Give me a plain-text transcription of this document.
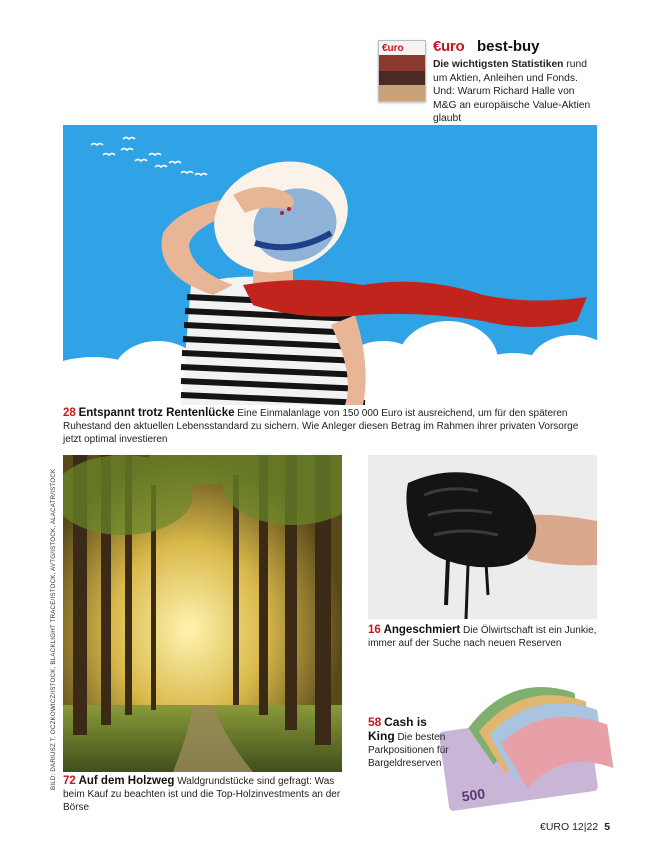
€uro €uro best-buy
Die wichtigsten Statistiken rund um Aktien, Anleihen und Fonds. Und: Warum Richard Halle von M&G an europäische Value-Aktien glaubt
28 Entspannt trotz Rentenlücke Eine Einmalanlage von 150 000 Euro ist ausreichend, um für den späteren Ruhestand den aktuellen Lebensstandard zu sichern. Wie Anleger diesen Betrag im Rahmen ihrer privaten Vorsorge jetzt optimal investieren
72 Auf dem Holzweg Waldgrundstücke sind gefragt: Was beim Kauf zu beachten ist und die Top-Holzinvestments an der Börse
16 Angeschmiert Die Ölwirtschaft ist ein Junkie, immer auf der Suche nach neuen Reserven
500
58 Cash is King Die besten Parkpositionen für Bargeldreserven
BILD: DARIUSZ T. OCZKOWICZ/ISTOCK, BLACKLIGHT TRACE/ISTOCK, AVTG/ISTOCK, ALACATR/ISTOCK
€URO 12|22 5
